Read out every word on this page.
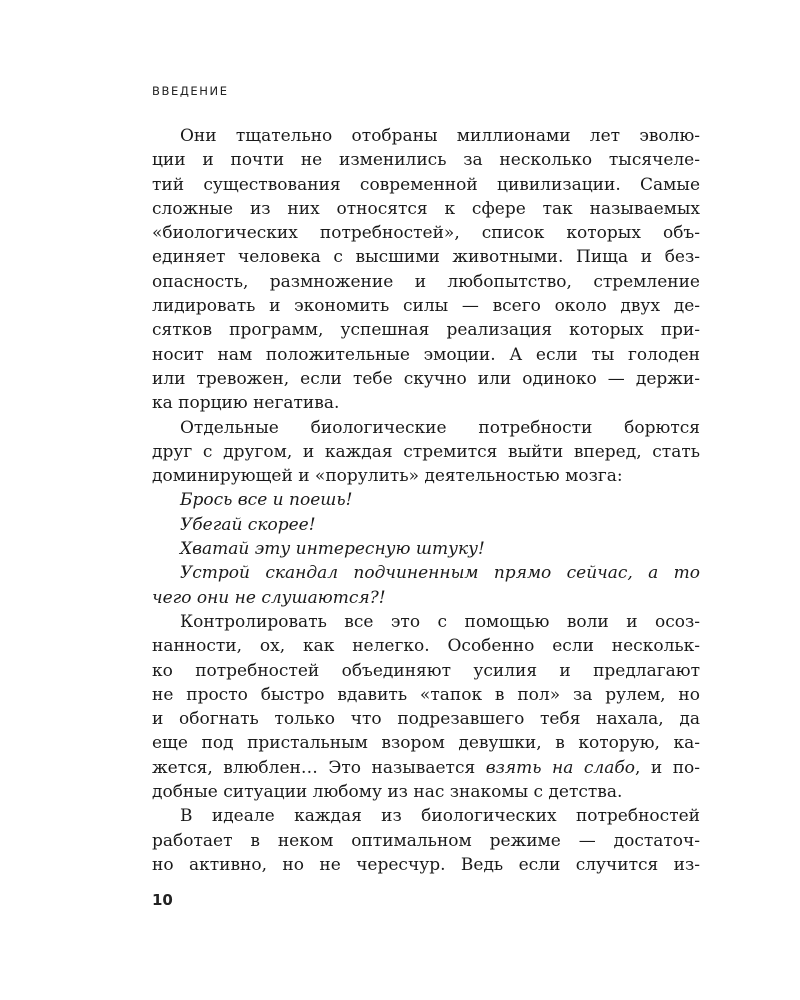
ВВЕДЕНИЕ
Они тщательно отобраны миллионами лет эволю-
ции и почти не изменились за несколько тысячеле-
тий существования современной цивилизации. Самые
сложные из них относятся к сфере так называемых
«биологических потребностей», список которых объ-
единяет человека с высшими животными. Пища и без-
опасность, размножение и любопытство, стремление
лидировать и экономить силы — всего около двух де-
сятков программ, успешная реализация которых при-
носит нам положительные эмоции. А если ты голоден
или тревожен, если тебе скучно или одиноко — держи-
ка порцию негатива.
Отдельные биологические потребности борются
друг с другом, и каждая стремится выйти вперед, стать
доминирующей и «порулить» деятельностью мозга:
Брось все и поешь!
Убегай скорее!
Хватай эту интересную штуку!
Устрой скандал подчиненным прямо сейчас, а то
чего они не слушаются?!
Контролировать все это с помощью воли и осоз-
нанности, ох, как нелегко. Особенно если нескольк-
ко потребностей объединяют усилия и предлагают
не просто быстро вдавить «тапок в пол» за рулем, но
и обогнать только что подрезавшего тебя нахала, да
еще под пристальным взором девушки, в которую, ка-
жется, влюблен… Это называется взять на слабо, и по-
добные ситуации любому из нас знакомы с детства.
В идеале каждая из биологических потребностей
работает в неком оптимальном режиме — достаточ-
но активно, но не чересчур. Ведь если случится из-
10
